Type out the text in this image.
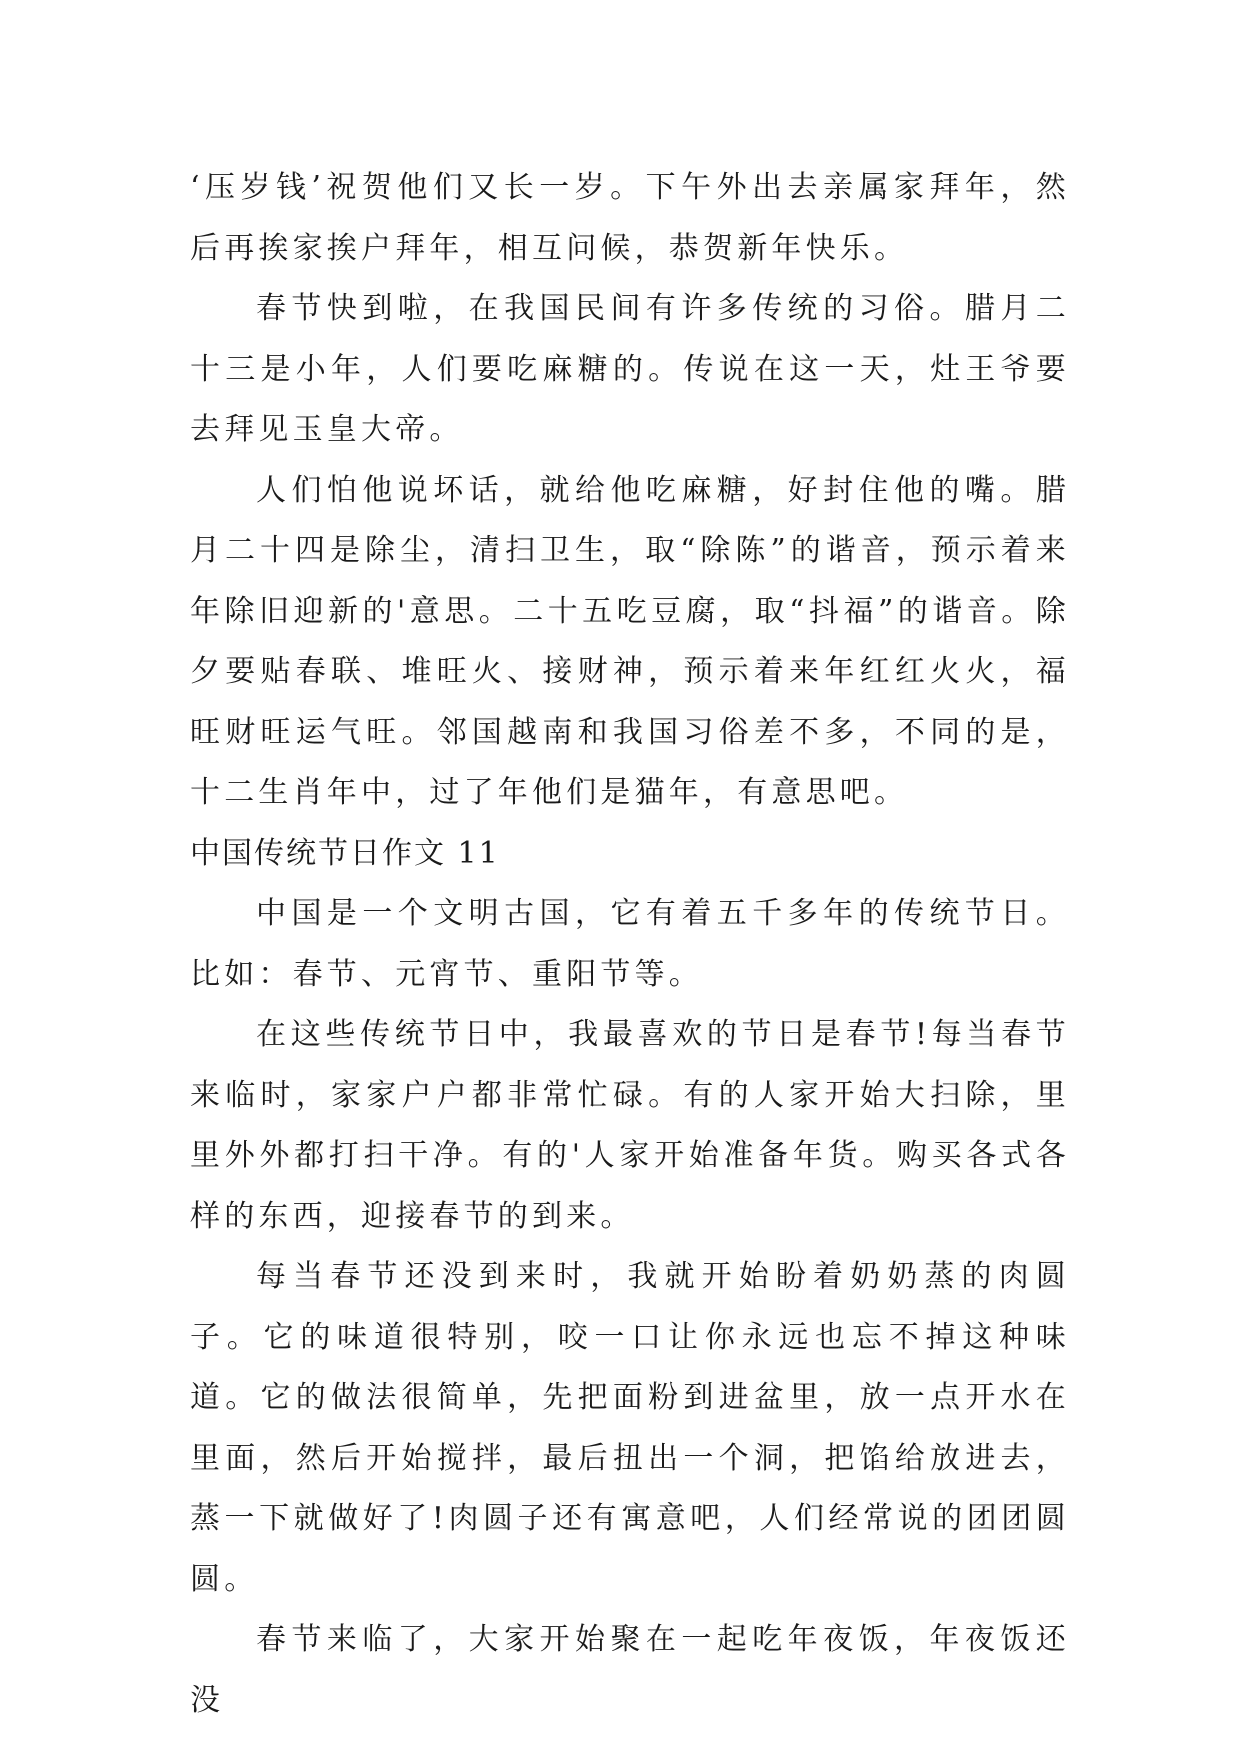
‘压岁钱’祝贺他们又长一岁。下午外出去亲属家拜年，然后再挨家挨户拜年，相互问候，恭贺新年快乐。

春节快到啦，在我国民间有许多传统的习俗。腊月二十三是小年，人们要吃麻糖的。传说在这一天，灶王爷要去拜见玉皇大帝。

人们怕他说坏话，就给他吃麻糖，好封住他的嘴。腊月二十四是除尘，清扫卫生，取“除陈”的谐音，预示着来年除旧迎新的'意思。二十五吃豆腐，取“抖福”的谐音。除夕要贴春联、堆旺火、接财神，预示着来年红红火火，福旺财旺运气旺。邻国越南和我国习俗差不多，不同的是，十二生肖年中，过了年他们是猫年，有意思吧。

中国传统节日作文 11

中国是一个文明古国，它有着五千多年的传统节日。比如：春节、元宵节、重阳节等。

在这些传统节日中，我最喜欢的节日是春节!每当春节来临时，家家户户都非常忙碌。有的人家开始大扫除，里里外外都打扫干净。有的'人家开始准备年货。购买各式各样的东西，迎接春节的到来。

每当春节还没到来时，我就开始盼着奶奶蒸的肉圆子。它的味道很特别，咬一口让你永远也忘不掉这种味道。它的做法很简单，先把面粉到进盆里，放一点开水在里面，然后开始搅拌，最后扭出一个洞，把馅给放进去，蒸一下就做好了!肉圆子还有寓意吧，人们经常说的团团圆圆。

春节来临了，大家开始聚在一起吃年夜饭，年夜饭还没
